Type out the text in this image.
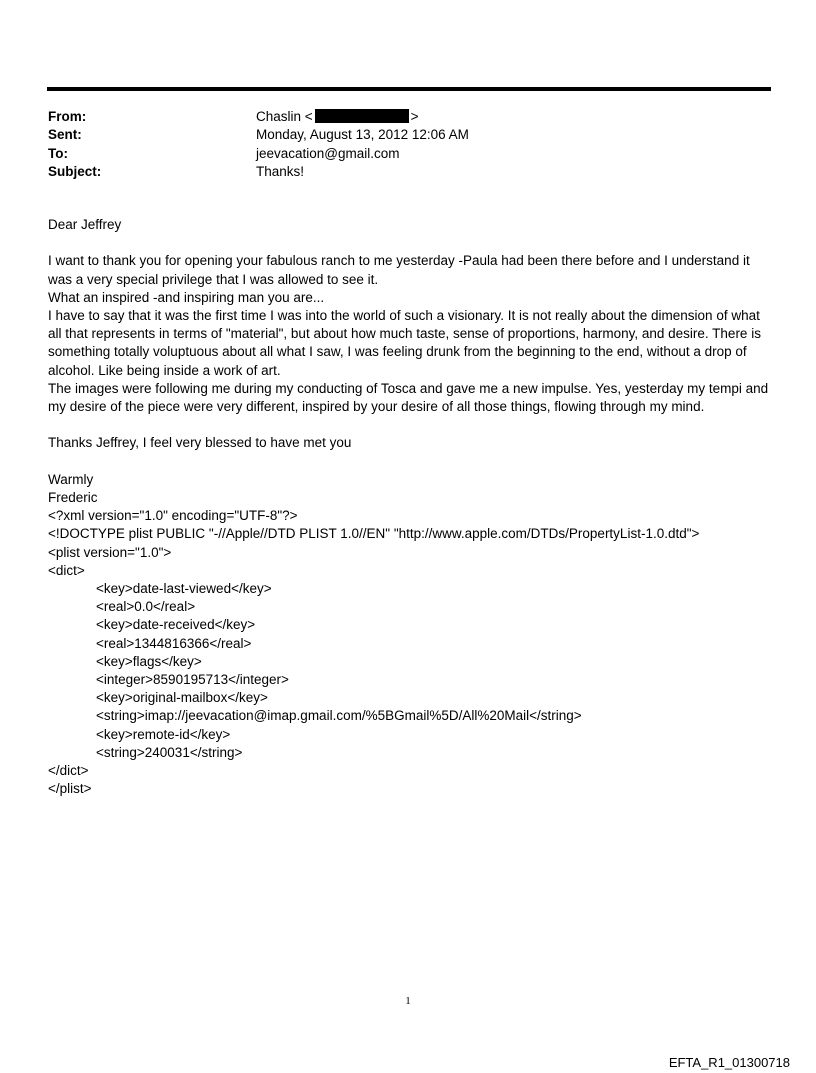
From:	Chaslin <	>
Sent:	Monday, August 13, 2012 12:06 AM
To:	jeevacation@gmail.com
Subject:	Thanks!

Dear Jeffrey

I want to thank you for opening your fabulous ranch to me yesterday -Paula had been there before and I understand it was a very special privilege that I was allowed to see it.

What an inspired -and inspiring man you are...

I have to say that it was the first time I was into the world of such a visionary. It is not really about the dimension of what all that represents in terms of "material", but about how much taste, sense of proportions, harmony, and desire. There is something totally voluptuous about all what I saw, I was feeling drunk from the beginning to the end, without a drop of alcohol. Like being inside a work of art.

The images were following me during my conducting of Tosca and gave me a new impulse. Yes, yesterday my tempi and my desire of the piece were very different, inspired by your desire of all those things, flowing through my mind.

Thanks Jeffrey, I feel very blessed to have met you

Warmly

Frederic

<?xml version="1.0" encoding="UTF-8"?>

<!DOCTYPE plist PUBLIC "-//Apple//DTD PLIST 1.0//EN" "http://www.apple.com/DTDs/PropertyList-1.0.dtd">

<plist version="1.0">

<dict>

<key>date-last-viewed</key>

<real>0.0</real>

<key>date-received</key>

<real>1344816366</real>

<key>flags</key>

<integer>8590195713</integer>

<key>original-mailbox</key>

<string>imap://jeevacation@imap.gmail.com/%5BGmail%5D/All%20Mail</string>

<key>remote-id</key>

<string>240031</string>

</dict>

</plist>

1
EFTA_R1_01300718
